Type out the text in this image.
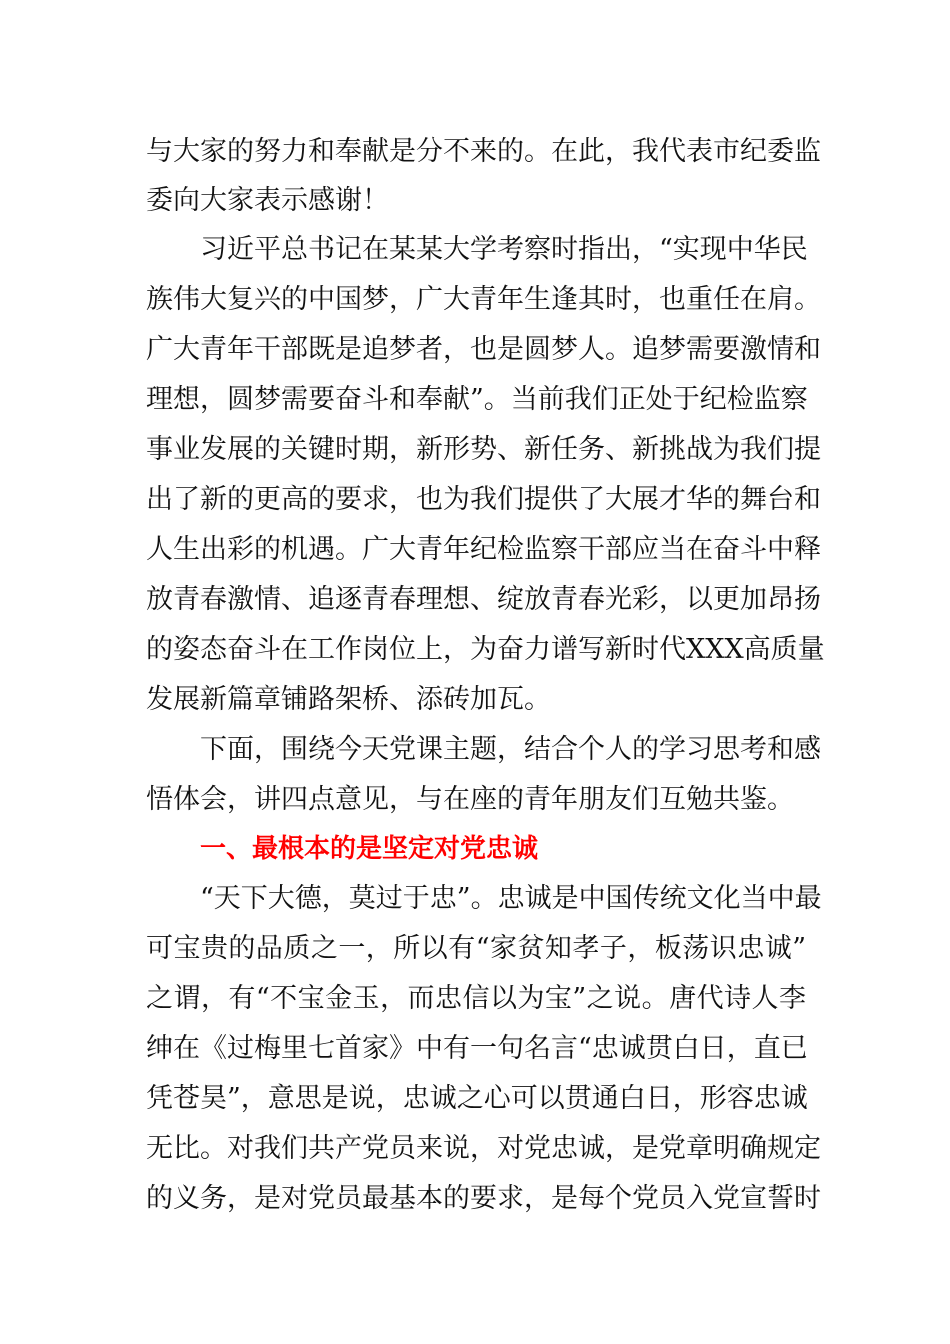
与大家的努力和奉献是分不来的。在此，我代表市纪委监
委向大家表示感谢！
习近平总书记在某某大学考察时指出，“实现中华民
族伟大复兴的中国梦，广大青年生逢其时，也重任在肩。
广大青年干部既是追梦者，也是圆梦人。追梦需要激情和
理想，圆梦需要奋斗和奉献”。当前我们正处于纪检监察
事业发展的关键时期，新形势、新任务、新挑战为我们提
出了新的更高的要求，也为我们提供了大展才华的舞台和
人生出彩的机遇。广大青年纪检监察干部应当在奋斗中释
放青春激情、追逐青春理想、绽放青春光彩，以更加昂扬
的姿态奋斗在工作岗位上，为奋力谱写新时代XXX高质量
发展新篇章铺路架桥、添砖加瓦。
下面，围绕今天党课主题，结合个人的学习思考和感
悟体会，讲四点意见，与在座的青年朋友们互勉共鉴。
一、最根本的是坚定对党忠诚
“天下大德，莫过于忠”。忠诚是中国传统文化当中最
可宝贵的品质之一，所以有“家贫知孝子，板荡识忠诚”
之谓，有“不宝金玉，而忠信以为宝”之说。唐代诗人李
绅在《过梅里七首家》中有一句名言“忠诚贯白日，直已
凭苍昊”，意思是说，忠诚之心可以贯通白日，形容忠诚
无比。对我们共产党员来说，对党忠诚，是党章明确规定
的义务，是对党员最基本的要求，是每个党员入党宣誓时
